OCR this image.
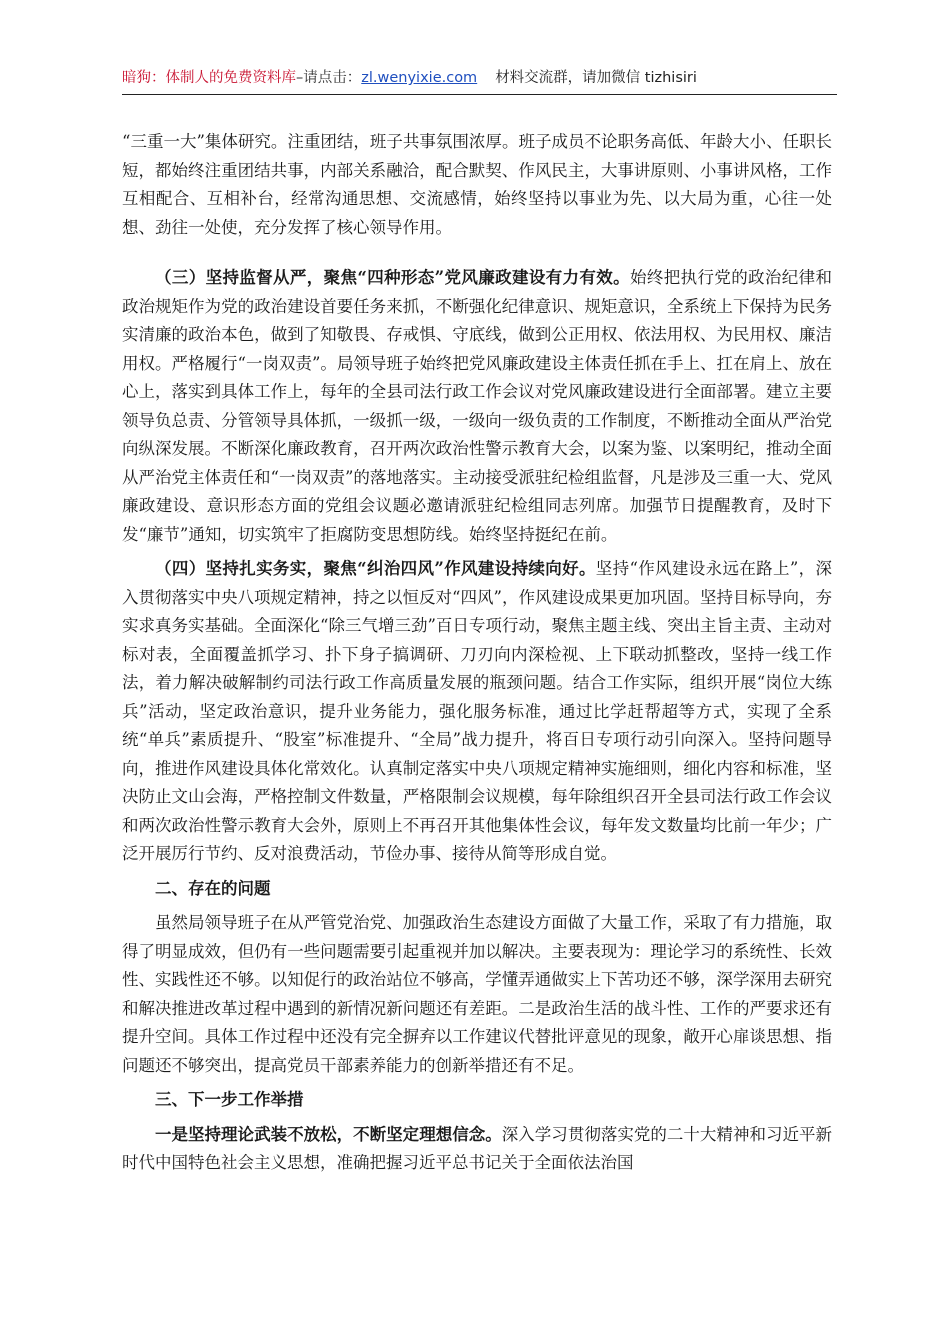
暗狗：体制人的免费资料库–请点击：zl.wenyixie.com 材料交流群，请加微信 tizhisiri

“三重一大”集体研究。注重团结，班子共事氛围浓厚。班子成员不论职务高低、年龄大小、任职长短，都始终注重团结共事，内部关系融洽，配合默契、作风民主，大事讲原则、小事讲风格，工作互相配合、互相补台，经常沟通思想、交流感情，始终坚持以事业为先、以大局为重，心往一处想、劲往一处使，充分发挥了核心领导作用。

（三）坚持监督从严，聚焦“四种形态”党风廉政建设有力有效。始终把执行党的政治纪律和政治规矩作为党的政治建设首要任务来抓，不断强化纪律意识、规矩意识，全系统上下保持为民务实清廉的政治本色，做到了知敬畏、存戒惧、守底线，做到公正用权、依法用权、为民用权、廉洁用权。严格履行“一岗双责”。局领导班子始终把党风廉政建设主体责任抓在手上、扛在肩上、放在心上，落实到具体工作上，每年的全县司法行政工作会议对党风廉政建设进行全面部署。建立主要领导负总责、分管领导具体抓，一级抓一级，一级向一级负责的工作制度，不断推动全面从严治党向纵深发展。不断深化廉政教育，召开两次政治性警示教育大会，以案为鉴、以案明纪，推动全面从严治党主体责任和“一岗双责”的落地落实。主动接受派驻纪检组监督，凡是涉及三重一大、党风廉政建设、意识形态方面的党组会议题必邀请派驻纪检组同志列席。加强节日提醒教育，及时下发“廉节”通知，切实筑牢了拒腐防变思想防线。始终坚持挺纪在前。

（四）坚持扎实务实，聚焦“纠治四风”作风建设持续向好。坚持“作风建设永远在路上”，深入贯彻落实中央八项规定精神，持之以恒反对“四风”，作风建设成果更加巩固。坚持目标导向，夯实求真务实基础。全面深化“除三气增三劲”百日专项行动，聚焦主题主线、突出主旨主责、主动对标对表，全面覆盖抓学习、扑下身子搞调研、刀刃向内深检视、上下联动抓整改，坚持一线工作法，着力解决破解制约司法行政工作高质量发展的瓶颈问题。结合工作实际，组织开展“岗位大练兵”活动，坚定政治意识，提升业务能力，强化服务标准，通过比学赶帮超等方式，实现了全系统“单兵”素质提升、“股室”标准提升、“全局”战力提升，将百日专项行动引向深入。坚持问题导向，推进作风建设具体化常效化。认真制定落实中央八项规定精神实施细则，细化内容和标准，坚决防止文山会海，严格控制文件数量，严格限制会议规模，每年除组织召开全县司法行政工作会议和两次政治性警示教育大会外，原则上不再召开其他集体性会议，每年发文数量均比前一年少；广泛开展厉行节约、反对浪费活动，节俭办事、接待从简等形成自觉。

二、存在的问题

虽然局领导班子在从严管党治党、加强政治生态建设方面做了大量工作，采取了有力措施，取得了明显成效，但仍有一些问题需要引起重视并加以解决。主要表现为：理论学习的系统性、长效性、实践性还不够。以知促行的政治站位不够高，学懂弄通做实上下苦功还不够，深学深用去研究和解决推进改革过程中遇到的新情况新问题还有差距。二是政治生活的战斗性、工作的严要求还有提升空间。具体工作过程中还没有完全摒弃以工作建议代替批评意见的现象，敞开心扉谈思想、指问题还不够突出，提高党员干部素养能力的创新举措还有不足。

三、下一步工作举措

一是坚持理论武装不放松，不断坚定理想信念。深入学习贯彻落实党的二十大精神和习近平新时代中国特色社会主义思想，准确把握习近平总书记关于全面依法治国
